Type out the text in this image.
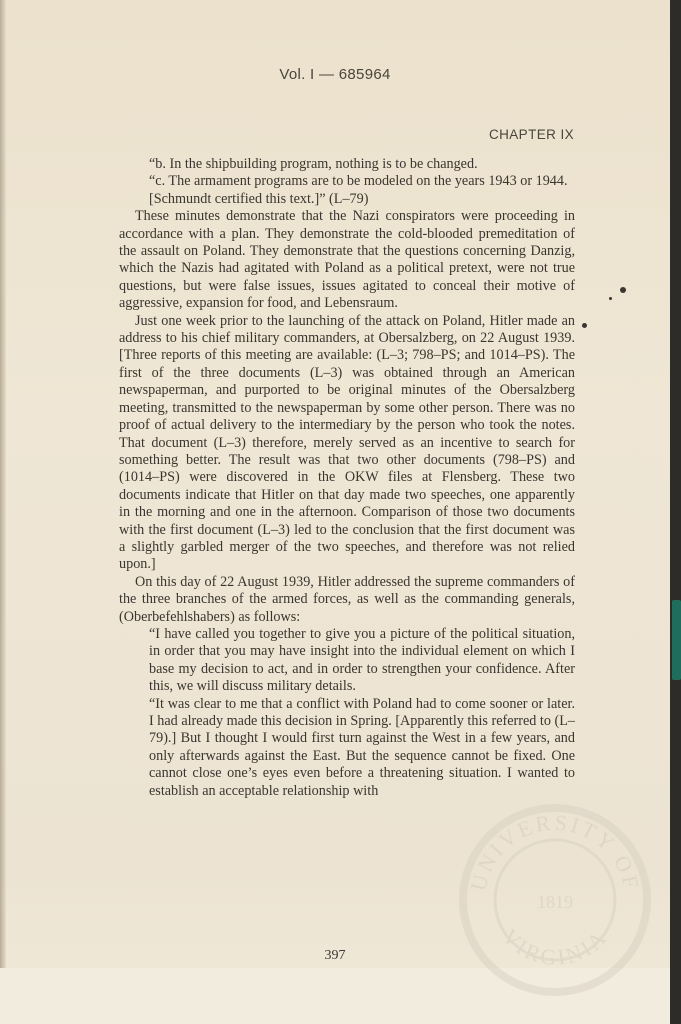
Vol. I — 685964
CHAPTER IX

“b. In the shipbuilding program, nothing is to be changed.

“c. The armament programs are to be modeled on the years 1943 or 1944.

[Schmundt certified this text.]” (L–79)

These minutes demonstrate that the Nazi conspirators were proceeding in accordance with a plan. They demonstrate the cold-blooded premeditation of the assault on Poland. They demonstrate that the questions concerning Danzig, which the Nazis had agitated with Poland as a political pretext, were not true questions, but were false issues, issues agitated to conceal their motive of aggressive, expansion for food, and Lebensraum.

Just one week prior to the launching of the attack on Poland, Hitler made an address to his chief military commanders, at Obersalzberg, on 22 August 1939. [Three reports of this meeting are available: (L–3; 798–PS; and 1014–PS). The first of the three documents (L–3) was obtained through an American newspaperman, and purported to be original minutes of the Obersalzberg meeting, transmitted to the newspaperman by some other person. There was no proof of actual delivery to the intermediary by the person who took the notes. That document (L–3) therefore, merely served as an incentive to search for something better. The result was that two other documents (798–PS) and (1014–PS) were discovered in the OKW files at Flensberg. These two documents indicate that Hitler on that day made two speeches, one apparently in the morning and one in the afternoon. Comparison of those two documents with the first document (L–3) led to the conclusion that the first document was a slightly garbled merger of the two speeches, and therefore was not relied upon.]

On this day of 22 August 1939, Hitler addressed the supreme commanders of the three branches of the armed forces, as well as the commanding generals, (Oberbefehlshabers) as follows:

“I have called you together to give you a picture of the political situation, in order that you may have insight into the individual element on which I base my decision to act, and in order to strengthen your confidence. After this, we will discuss military details.

“It was clear to me that a conflict with Poland had to come sooner or later. I had already made this decision in Spring. [Apparently this referred to (L–79).] But I thought I would first turn against the West in a few years, and only afterwards against the East. But the sequence cannot be fixed. One cannot close one’s eyes even before a threatening situation. I wanted to establish an acceptable relationship with

397
UNIVERSITY OF
VIRGINIA
1819
